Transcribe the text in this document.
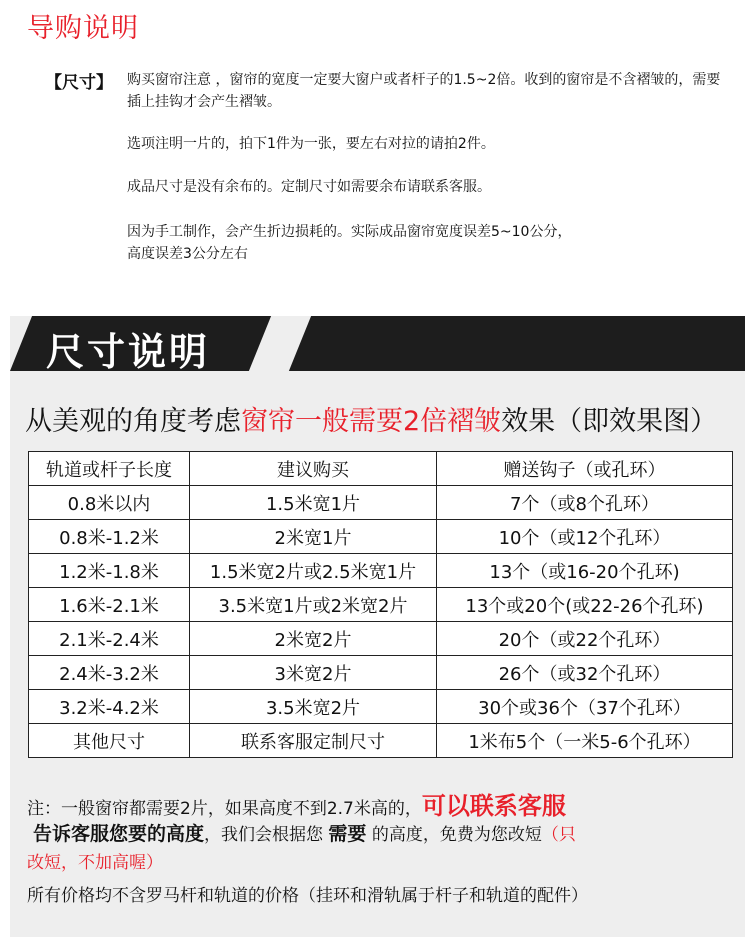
导购说明
【尺寸】 购买窗帘注意 ，窗帘的宽度一定要大窗户或者杆子的1.5~2倍。收到的窗帘是不含褶皱的，需要插上挂钩才会产生褶皱。
选项注明一片的，拍下1件为一张，要左右对拉的请拍2件。
成品尺寸是没有余布的。定制尺寸如需要余布请联系客服。
因为手工制作，会产生折边损耗的。实际成品窗帘宽度误差5~10公分，
高度误差3公分左右
尺寸说明
从美观的角度考虑窗帘一般需要2倍褶皱效果（即效果图）
轨道或杆子长度	建议购买	赠送钩子（或孔环）
0.8米以内	1.5米宽1片	7个（或8个孔环）
0.8米-1.2米	2米宽1片	10个（或12个孔环）
1.2米-1.8米	1.5米宽2片或2.5米宽1片	13个（或16-20个孔环)
1.6米-2.1米	3.5米宽1片或2米宽2片	13个或20个(或22-26个孔环)
2.1米-2.4米	2米宽2片	20个（或22个孔环）
2.4米-3.2米	3米宽2片	26个（或32个孔环）
3.2米-4.2米	3.5米宽2片	30个或36个（37个孔环）
其他尺寸	联系客服定制尺寸	1米布5个（一米5-6个孔环）
注：一般窗帘都需要2片，如果高度不到2.7米高的，可以联系客服
告诉客服您要的高度，我们会根据您 需要 的高度，免费为您改短（只
改短，不加高喔）
所有价格均不含罗马杆和轨道的价格（挂环和滑轨属于杆子和轨道的配件）
